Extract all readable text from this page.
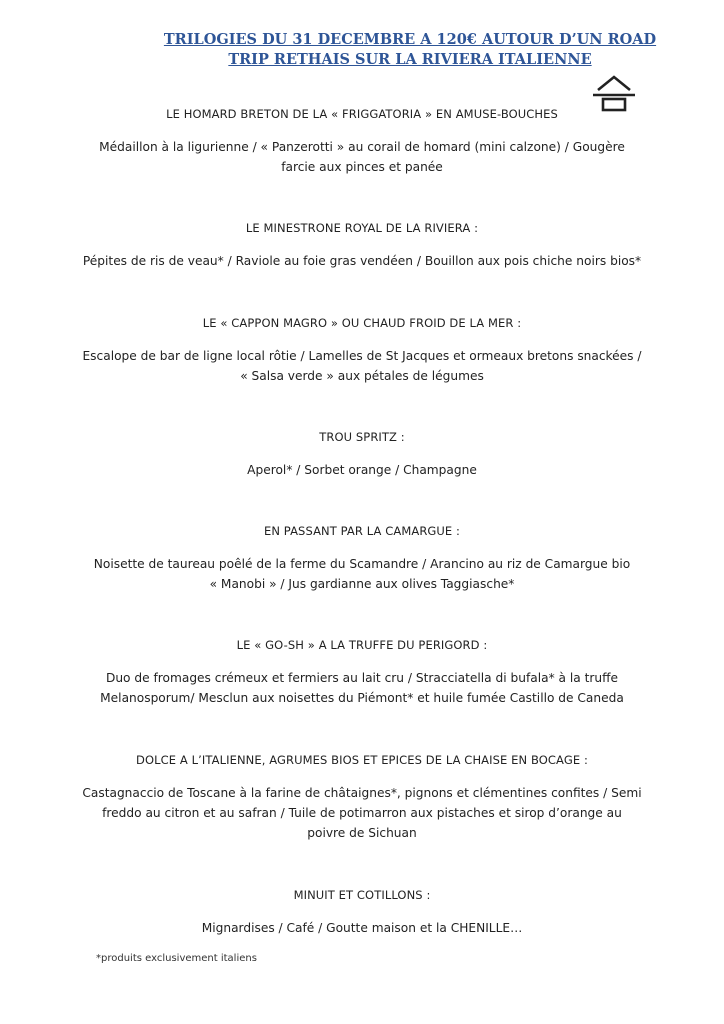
TRILOGIES DU 31 DECEMBRE A 120€ AUTOUR D’UN ROAD
TRIP RETHAIS SUR LA RIVIERA ITALIENNE
LE HOMARD BRETON DE LA « FRIGGATORIA » EN AMUSE-BOUCHES
Médaillon à la ligurienne / « Panzerotti » au corail de homard (mini calzone) / Gougère
farcie aux pinces et panée
LE MINESTRONE ROYAL DE LA RIVIERA :
Pépites de ris de veau* / Raviole au foie gras vendéen / Bouillon aux pois chiche noirs bios*
LE « CAPPON MAGRO » OU CHAUD FROID DE LA MER :
Escalope de bar de ligne local rôtie / Lamelles de St Jacques et ormeaux bretons snackées /
« Salsa verde » aux pétales de légumes
TROU SPRITZ :
Aperol* / Sorbet orange / Champagne
EN PASSANT PAR LA CAMARGUE :
Noisette de taureau poêlé de la ferme du Scamandre / Arancino au riz de Camargue bio
« Manobi » / Jus gardianne aux olives Taggiasche*
LE « GO-SH » A LA TRUFFE DU PERIGORD :
Duo de fromages crémeux et fermiers au lait cru / Stracciatella di bufala* à la truffe
Melanosporum/ Mesclun aux noisettes du Piémont* et huile fumée Castillo de Caneda
DOLCE A L’ITALIENNE, AGRUMES BIOS ET EPICES DE LA CHAISE EN BOCAGE :
Castagnaccio de Toscane à la farine de châtaignes*, pignons et clémentines confites / Semi
freddo au citron et au safran / Tuile de potimarron aux pistaches et sirop d’orange au
poivre de Sichuan
MINUIT ET COTILLONS :
Mignardises / Café / Goutte maison et la CHENILLE…
*produits exclusivement italiens
